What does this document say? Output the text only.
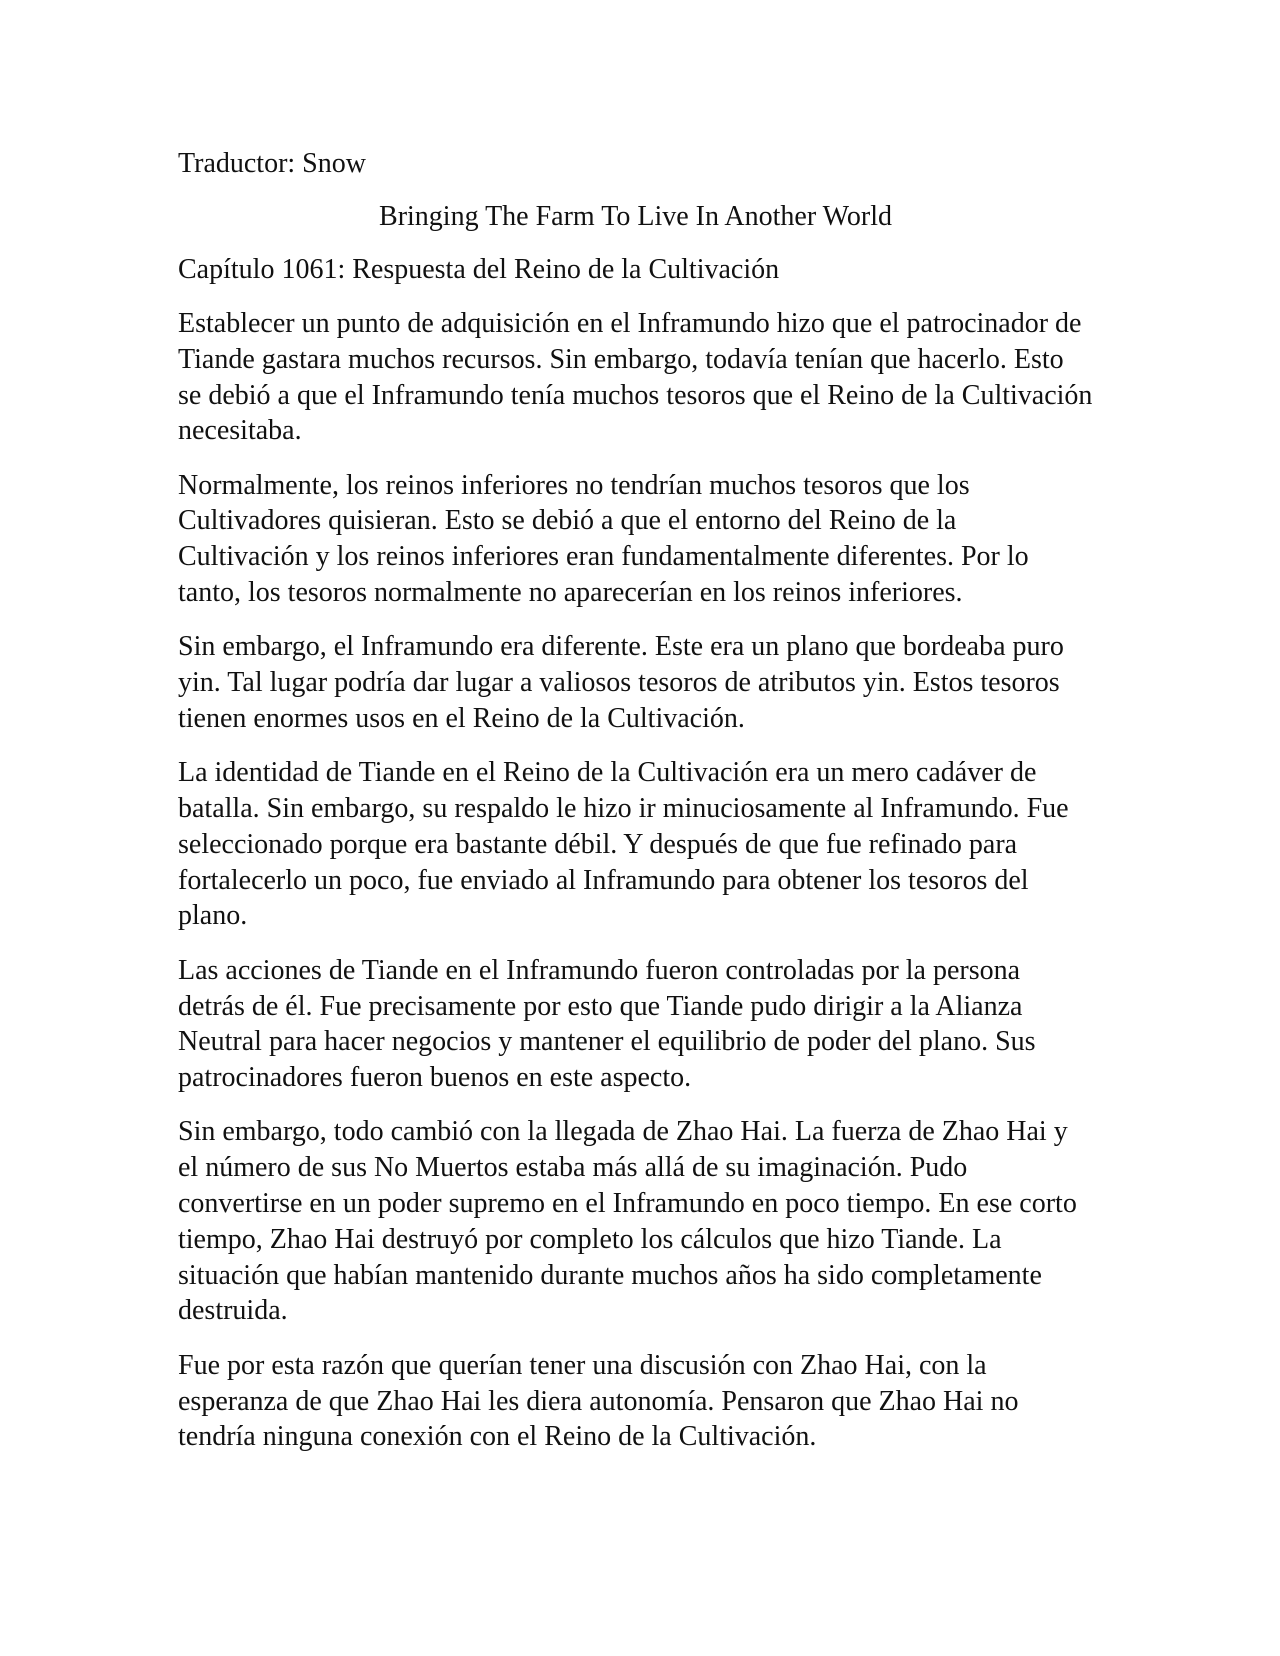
Traductor: Snow

Bringing The Farm To Live In Another World
Capítulo 1061: Respuesta del Reino de la Cultivación

Establecer un punto de adquisición en el Inframundo hizo que el patrocinador de Tiande gastara muchos recursos. Sin embargo, todavía tenían que hacerlo. Esto se debió a que el Inframundo tenía muchos tesoros que el Reino de la Cultivación necesitaba.

Normalmente, los reinos inferiores no tendrían muchos tesoros que los Cultivadores quisieran. Esto se debió a que el entorno del Reino de la Cultivación y los reinos inferiores eran fundamentalmente diferentes. Por lo tanto, los tesoros normalmente no aparecerían en los reinos inferiores.

Sin embargo, el Inframundo era diferente. Este era un plano que bordeaba puro yin. Tal lugar podría dar lugar a valiosos tesoros de atributos yin. Estos tesoros tienen enormes usos en el Reino de la Cultivación.

La identidad de Tiande en el Reino de la Cultivación era un mero cadáver de batalla. Sin embargo, su respaldo le hizo ir minuciosamente al Inframundo. Fue seleccionado porque era bastante débil. Y después de que fue refinado para fortalecerlo un poco, fue enviado al Inframundo para obtener los tesoros del plano.

Las acciones de Tiande en el Inframundo fueron controladas por la persona detrás de él. Fue precisamente por esto que Tiande pudo dirigir a la Alianza Neutral para hacer negocios y mantener el equilibrio de poder del plano. Sus patrocinadores fueron buenos en este aspecto.

Sin embargo, todo cambió con la llegada de Zhao Hai. La fuerza de Zhao Hai y el número de sus No Muertos estaba más allá de su imaginación. Pudo convertirse en un poder supremo en el Inframundo en poco tiempo. En ese corto tiempo, Zhao Hai destruyó por completo los cálculos que hizo Tiande. La situación que habían mantenido durante muchos años ha sido completamente destruida.

Fue por esta razón que querían tener una discusión con Zhao Hai, con la esperanza de que Zhao Hai les diera autonomía. Pensaron que Zhao Hai no tendría ninguna conexión con el Reino de la Cultivación.
